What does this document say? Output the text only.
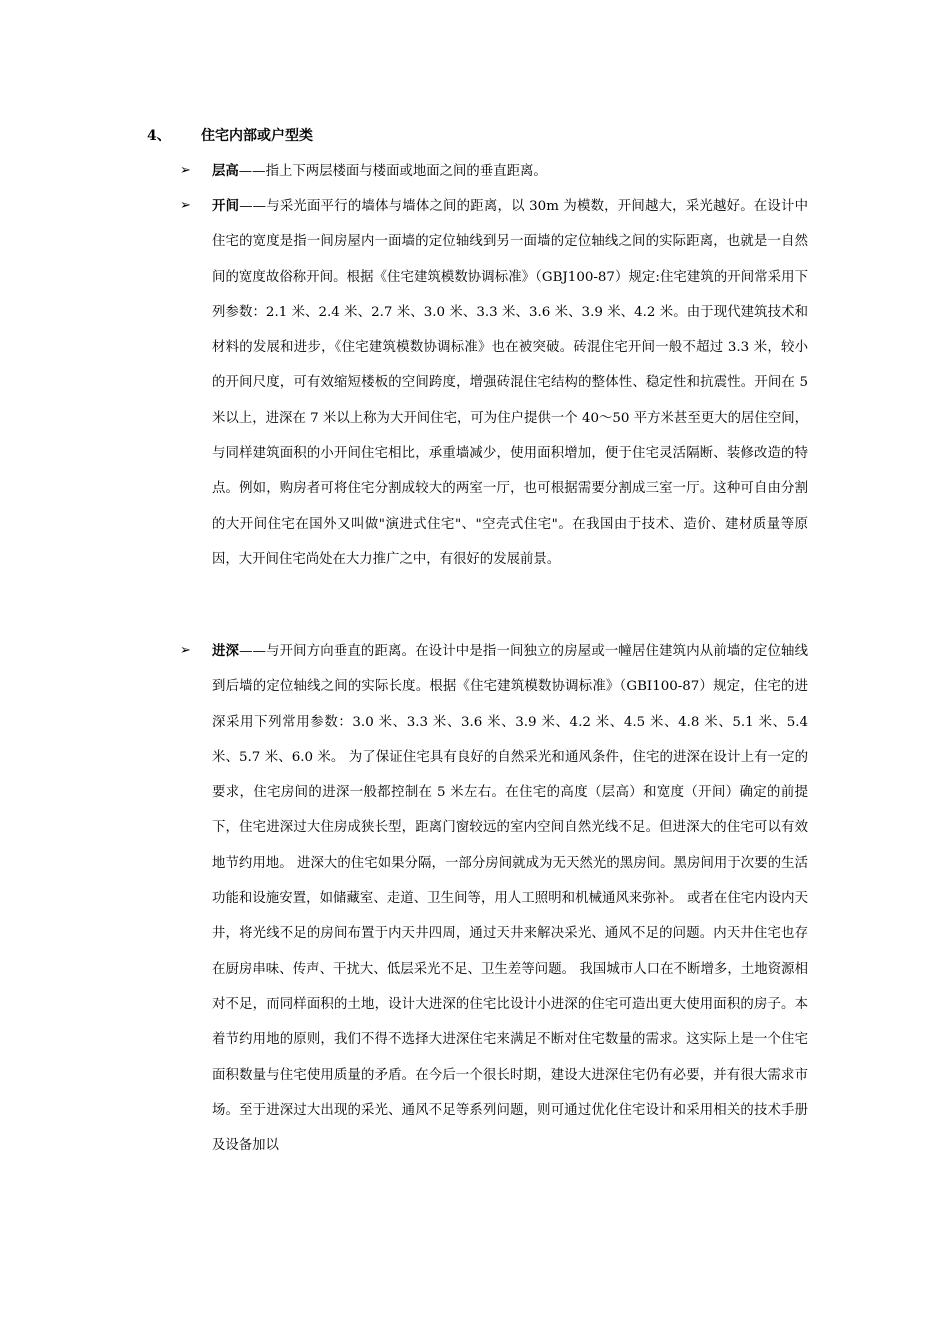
4、 住宅内部或户型类
➢ 层高——指上下两层楼面与楼面或地面之间的垂直距离。
➢ 开间——与采光面平行的墙体与墙体之间的距离，以 30m 为模数，开间越大，采光越好。在设计中住宅的宽度是指一间房屋内一面墙的定位轴线到另一面墙的定位轴线之间的实际距离，也就是一自然间的宽度故俗称开间。根据《住宅建筑模数协调标准》（GBJ100-87）规定:住宅建筑的开间常采用下列参数：2.1 米、2.4 米、2.7 米、3.0 米、3.3 米、3.6 米、3.9 米、4.2 米。由于现代建筑技术和材料的发展和进步，《住宅建筑模数协调标准》也在被突破。砖混住宅开间一般不超过 3.3 米，较小的开间尺度，可有效缩短楼板的空间跨度，增强砖混住宅结构的整体性、稳定性和抗震性。开间在 5 米以上，进深在 7 米以上称为大开间住宅，可为住户提供一个 40～50 平方米甚至更大的居住空间，与同样建筑面积的小开间住宅相比，承重墙减少，使用面积增加，便于住宅灵活隔断、装修改造的特点。例如，购房者可将住宅分割成较大的两室一厅，也可根据需要分割成三室一厅。这种可自由分割的大开间住宅在国外又叫做"演进式住宅"、"空壳式住宅"。在我国由于技术、造价、建材质量等原因，大开间住宅尚处在大力推广之中，有很好的发展前景。
➢ 进深——与开间方向垂直的距离。在设计中是指一间独立的房屋或一幢居住建筑内从前墙的定位轴线到后墙的定位轴线之间的实际长度。根据《住宅建筑模数协调标准》（GBI100-87）规定，住宅的进深采用下列常用参数：3.0 米、3.3 米、3.6 米、3.9 米、4.2 米、4.5 米、4.8 米、5.1 米、5.4 米、5.7 米、6.0 米。 为了保证住宅具有良好的自然采光和通风条件，住宅的进深在设计上有一定的要求，住宅房间的进深一般都控制在 5 米左右。在住宅的高度（层高）和宽度（开间）确定的前提下，住宅进深过大住房成狭长型，距离门窗较远的室内空间自然光线不足。但进深大的住宅可以有效地节约用地。 进深大的住宅如果分隔，一部分房间就成为无天然光的黑房间。黑房间用于次要的生活功能和设施安置，如储藏室、走道、卫生间等，用人工照明和机械通风来弥补。 或者在住宅内设内天井，将光线不足的房间布置于内天井四周，通过天井来解决采光、通风不足的问题。内天井住宅也存在厨房串味、传声、干扰大、低层采光不足、卫生差等问题。 我国城市人口在不断增多，土地资源相对不足，而同样面积的土地，设计大进深的住宅比设计小进深的住宅可造出更大使用面积的房子。本着节约用地的原则，我们不得不选择大进深住宅来满足不断对住宅数量的需求。这实际上是一个住宅面积数量与住宅使用质量的矛盾。在今后一个很长时期，建设大进深住宅仍有必要，并有很大需求市场。至于进深过大出现的采光、通风不足等系列问题，则可通过优化住宅设计和采用相关的技术手册及设备加以
